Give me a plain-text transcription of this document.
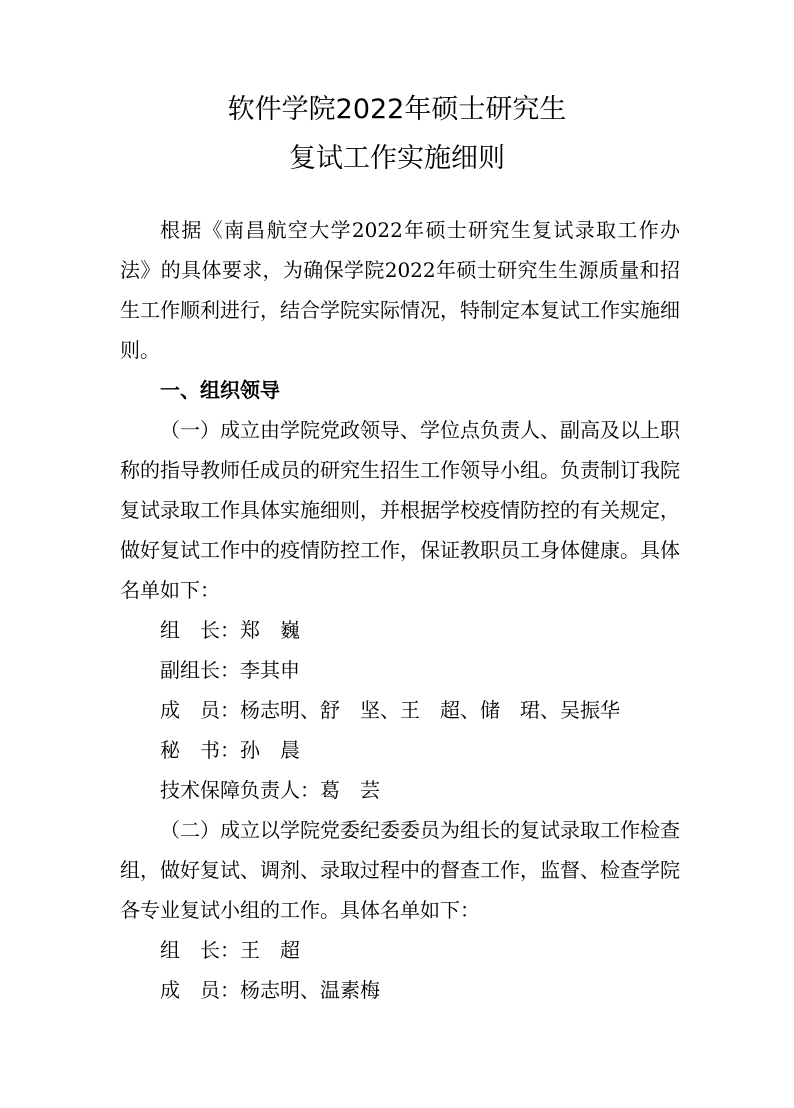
软件学院2022年硕士研究生
复试工作实施细则

根据《南昌航空大学2022年硕士研究生复试录取工作办法》的具体要求，为确保学院2022年硕士研究生生源质量和招生工作顺利进行，结合学院实际情况，特制定本复试工作实施细则。

一、组织领导

（一）成立由学院党政领导、学位点负责人、副高及以上职称的指导教师任成员的研究生招生工作领导小组。负责制订我院复试录取工作具体实施细则，并根据学校疫情防控的有关规定，做好复试工作中的疫情防控工作，保证教职员工身体健康。具体名单如下：

组　长：郑　巍
副组长：李其申
成　员：杨志明、舒　坚、王　超、储　珺、吴振华
秘　书：孙　晨
技术保障负责人：葛　芸

（二）成立以学院党委纪委委员为组长的复试录取工作检查组，做好复试、调剂、录取过程中的督查工作，监督、检查学院各专业复试小组的工作。具体名单如下：

组　长：王　超
成　员：杨志明、温素梅
